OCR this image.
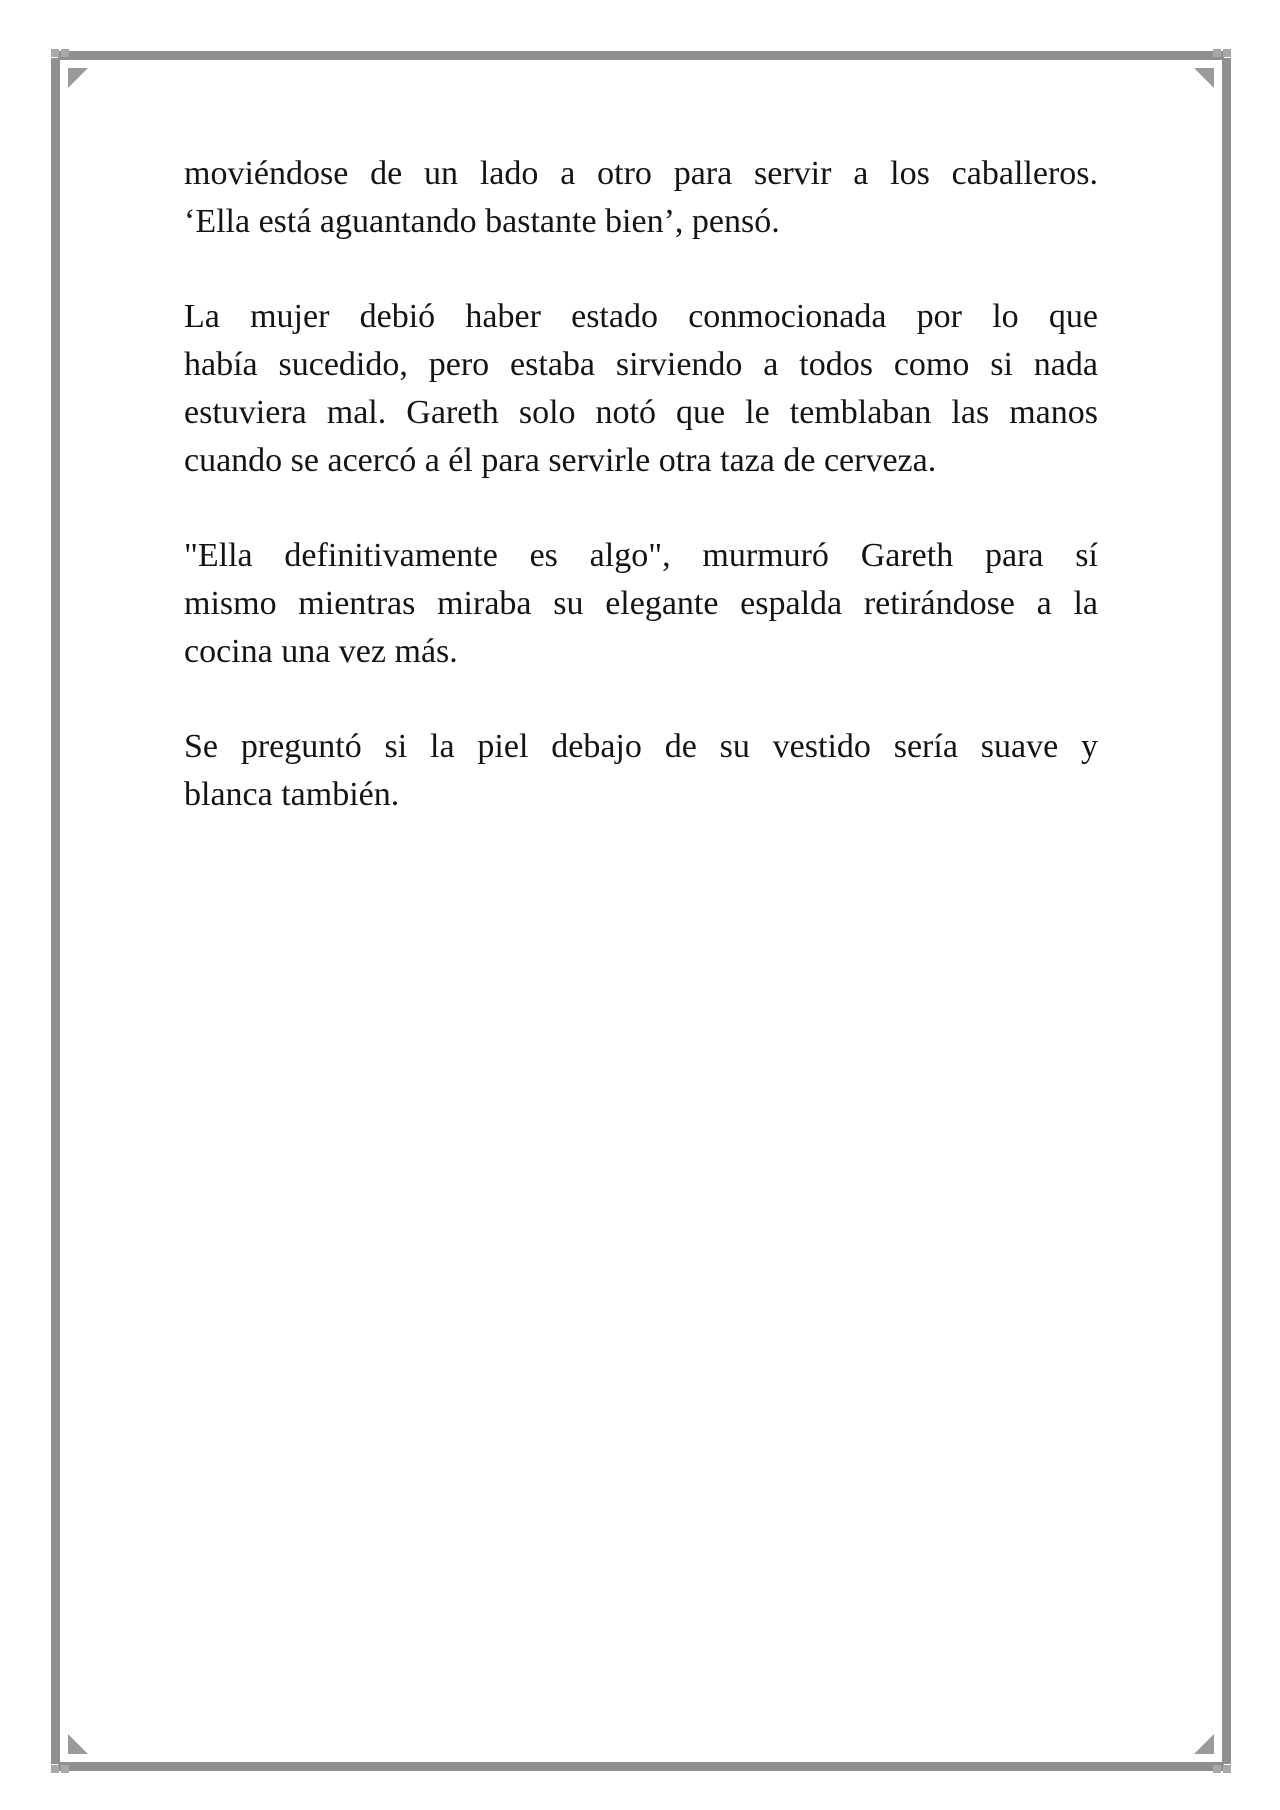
moviéndose de un lado a otro para servir a los caballeros.
‘Ella está aguantando bastante bien’, pensó.

La mujer debió haber estado conmocionada por lo que
había sucedido, pero estaba sirviendo a todos como si nada
estuviera mal. Gareth solo notó que le temblaban las manos
cuando se acercó a él para servirle otra taza de cerveza.

"Ella definitivamente es algo", murmuró Gareth para sí
mismo mientras miraba su elegante espalda retirándose a la
cocina una vez más.

Se preguntó si la piel debajo de su vestido sería suave y
blanca también.
